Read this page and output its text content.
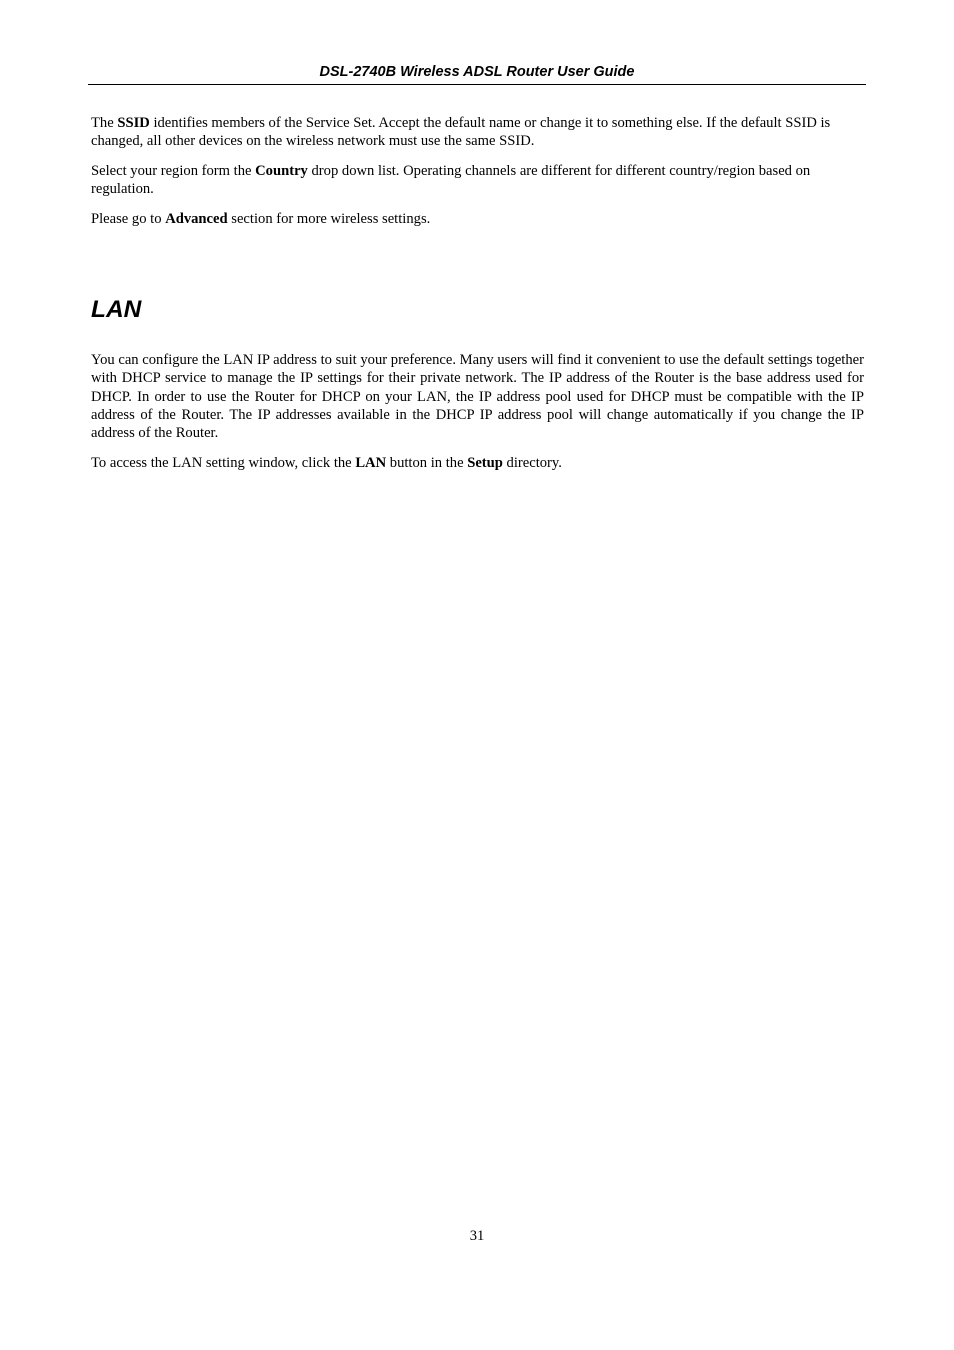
DSL-2740B Wireless ADSL Router User Guide

The SSID identifies members of the Service Set. Accept the default name or change it to something else. If the default SSID is changed, all other devices on the wireless network must use the same SSID.

Select your region form the Country drop down list. Operating channels are different for different country/region based on regulation.

Please go to Advanced section for more wireless settings.

LAN

You can configure the LAN IP address to suit your preference. Many users will find it convenient to use the default settings together with DHCP service to manage the IP settings for their private network. The IP address of the Router is the base address used for DHCP. In order to use the Router for DHCP on your LAN, the IP address pool used for DHCP must be compatible with the IP address of the Router. The IP addresses available in the DHCP IP address pool will change automatically if you change the IP address of the Router.

To access the LAN setting window, click the LAN button in the Setup directory.

31
